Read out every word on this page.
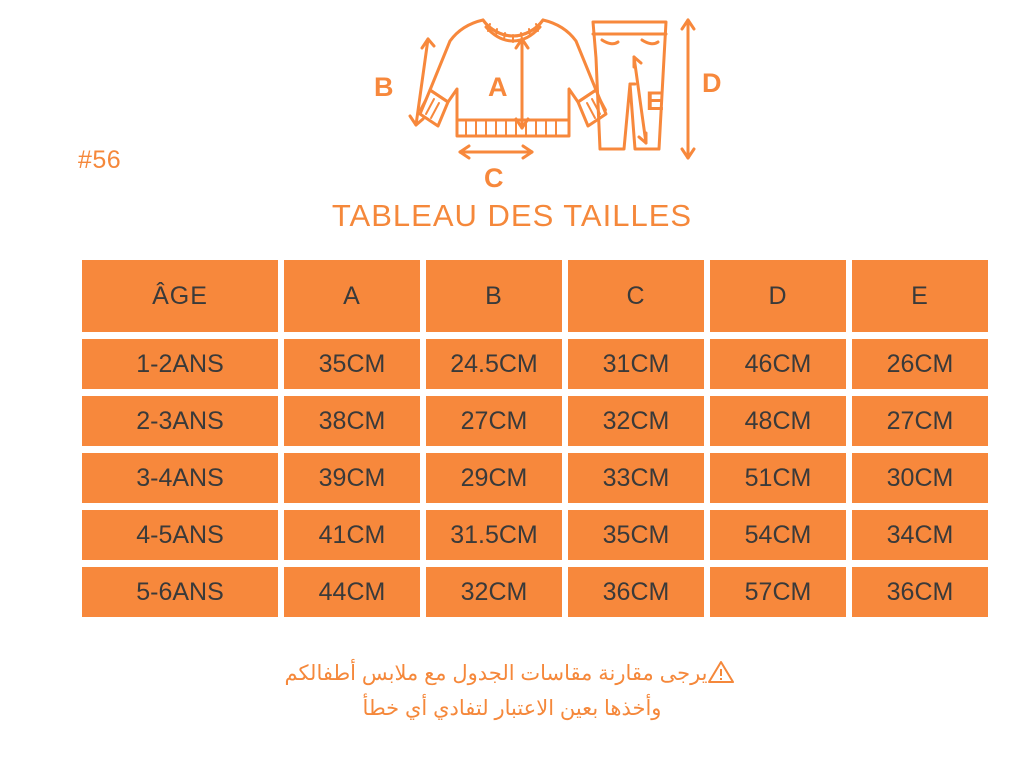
B	A
C
D
E
#56
TABLEAU DES TAILLES
ÂGE	A	B	C	D	E
1-2ANS	35CM	24.5CM	31CM	46CM	26CM
2-3ANS	38CM	27CM	32CM	48CM	27CM
3-4ANS	39CM	29CM	33CM	51CM	30CM
4-5ANS	41CM	31.5CM	35CM	54CM	34CM
5-6ANS	44CM	32CM	36CM	57CM	36CM
يرجى مقارنة مقاسات الجدول مع ملابس أطفالكم
وأخذها بعين الاعتبار لتفادي أي خطأ
